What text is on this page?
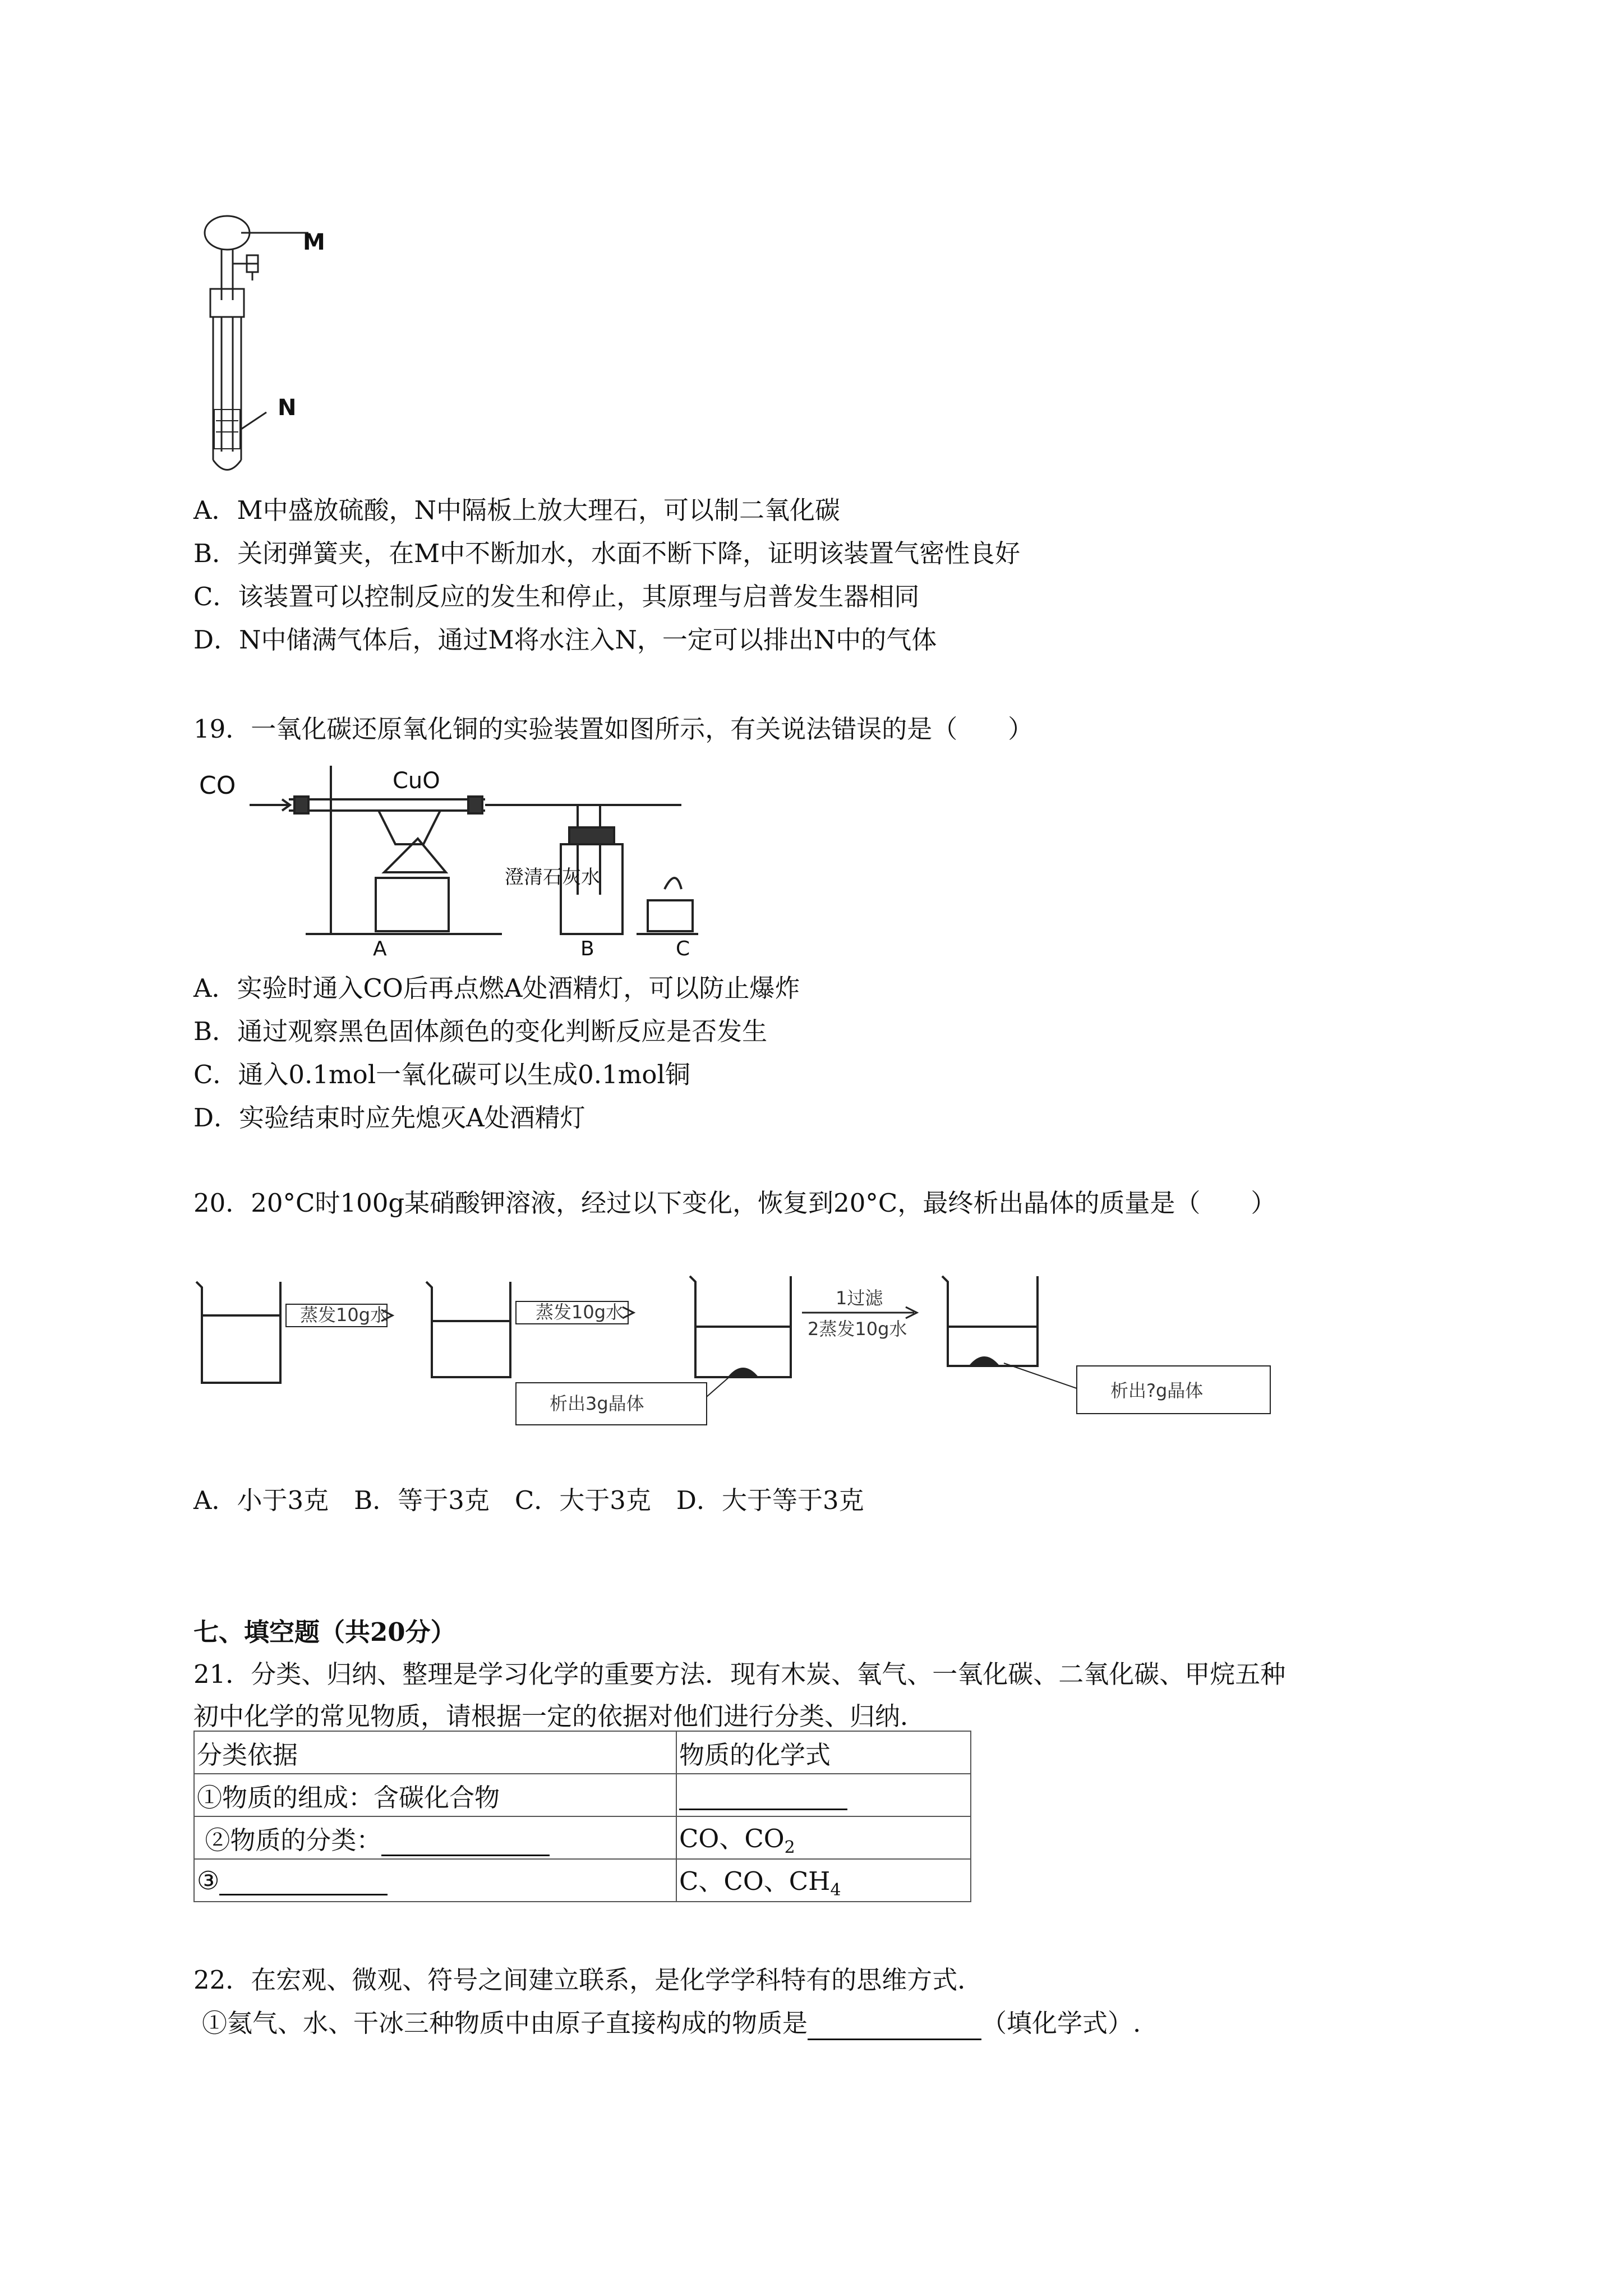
M
N
A．M中盛放硫酸，N中隔板上放大理石，可以制二氧化碳
B．关闭弹簧夹，在M中不断加水，水面不断下降，证明该装置气密性良好
C．该装置可以控制反应的发生和停止，其原理与启普发生器相同
D．N中储满气体后，通过M将水注入N，一定可以排出N中的气体
19．一氧化碳还原氧化铜的实验装置如图所示，有关说法错误的是（　　）
CO	CuO
澄清石灰水
A	B	C
A．实验时通入CO后再点燃A处酒精灯，可以防止爆炸
B．通过观察黑色固体颜色的变化判断反应是否发生
C．通入0.1mol一氧化碳可以生成0.1mol铜
D．实验结束时应先熄灭A处酒精灯
20．20°C时100g某硝酸钾溶液，经过以下变化，恢复到20°C，最终析出晶体的质量是（　　）
蒸发10g水	蒸发10g水
1过滤
2蒸发10g水
析出3g晶体
析出?g晶体
A．小于3克　B．等于3克　C．大于3克　D．大于等于3克
七、填空题（共20分）
21．分类、归纳、整理是学习化学的重要方法．现有木炭、氧气、一氧化碳、二氧化碳、甲烷五种
初中化学的常见物质，请根据一定的依据对他们进行分类、归纳．
分类依据	物质的化学式
①物质的组成：含碳化合物	
②物质的分类：	CO、$CO_2$
③	C、CO、$CH_4$
22．在宏观、微观、符号之间建立联系，是化学学科特有的思维方式．
①氦气、水、干冰三种物质中由原子直接构成的物质是	（填化学式）.
